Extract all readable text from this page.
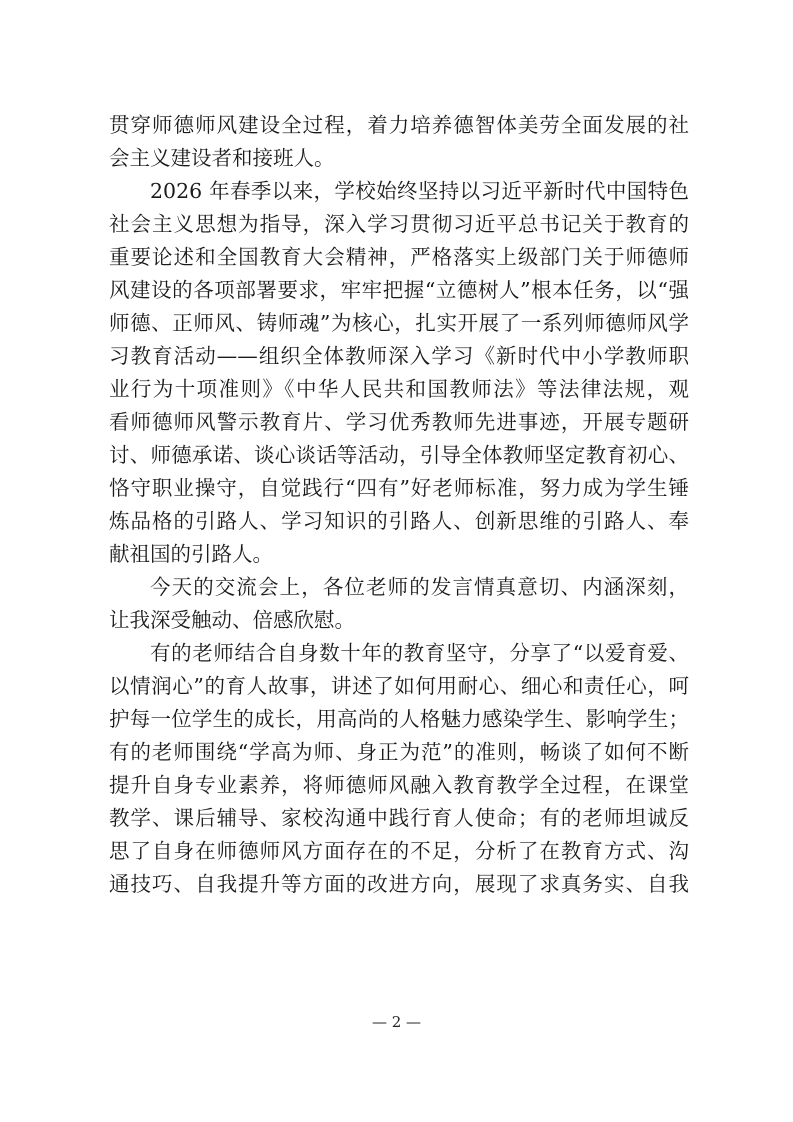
贯穿师德师风建设全过程，着力培养德智体美劳全面发展的社
会主义建设者和接班人。
2026 年春季以来，学校始终坚持以习近平新时代中国特色
社会主义思想为指导，深入学习贯彻习近平总书记关于教育的
重要论述和全国教育大会精神，严格落实上级部门关于师德师
风建设的各项部署要求，牢牢把握“立德树人”根本任务，以“强
师德、正师风、铸师魂”为核心，扎实开展了一系列师德师风学
习教育活动——组织全体教师深入学习《新时代中小学教师职
业行为十项准则》《中华人民共和国教师法》等法律法规，观
看师德师风警示教育片、学习优秀教师先进事迹，开展专题研
讨、师德承诺、谈心谈话等活动，引导全体教师坚定教育初心、
恪守职业操守，自觉践行“四有”好老师标准，努力成为学生锤
炼品格的引路人、学习知识的引路人、创新思维的引路人、奉
献祖国的引路人。
今天的交流会上，各位老师的发言情真意切、内涵深刻，
让我深受触动、倍感欣慰。
有的老师结合自身数十年的教育坚守，分享了“以爱育爱、
以情润心”的育人故事，讲述了如何用耐心、细心和责任心，呵
护每一位学生的成长，用高尚的人格魅力感染学生、影响学生；
有的老师围绕“学高为师、身正为范”的准则，畅谈了如何不断
提升自身专业素养，将师德师风融入教育教学全过程，在课堂
教学、课后辅导、家校沟通中践行育人使命；有的老师坦诚反
思了自身在师德师风方面存在的不足，分析了在教育方式、沟
通技巧、自我提升等方面的改进方向，展现了求真务实、自我
— 2 —
